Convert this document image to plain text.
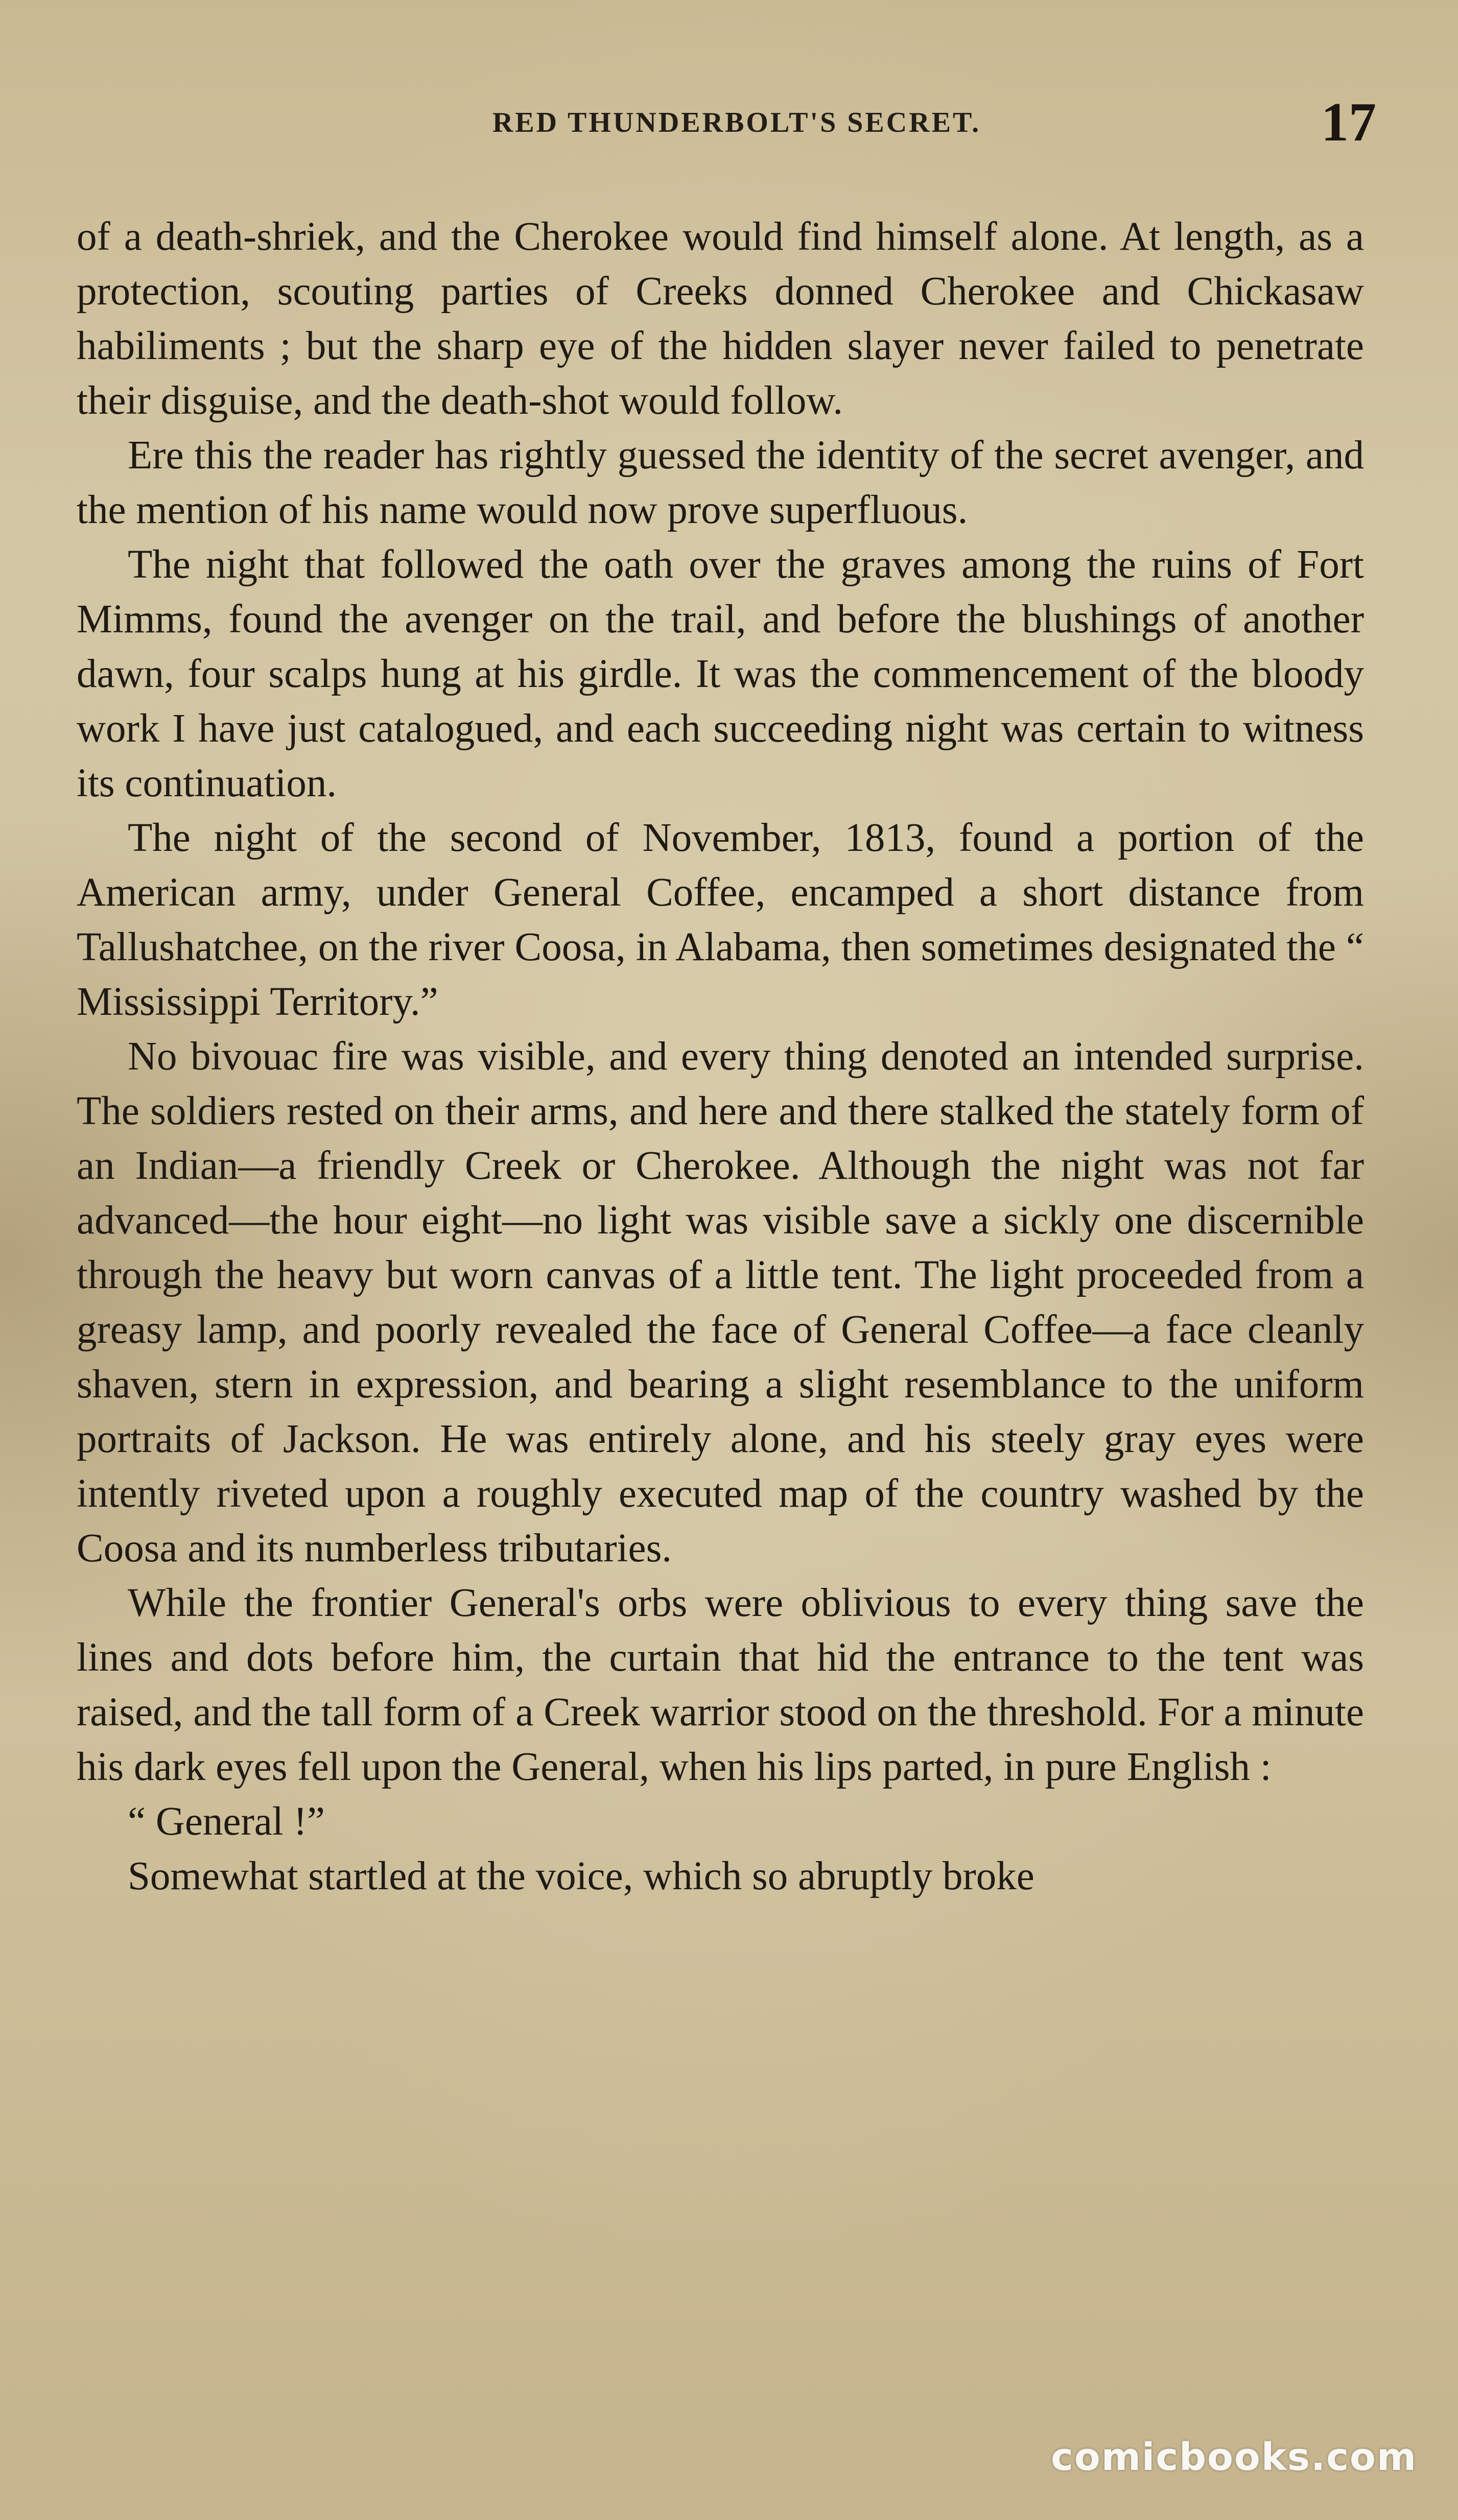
RED THUNDERBOLT'S SECRET.	17

of a death-shriek, and the Cherokee would find himself alone. At length, as a protection, scouting parties of Creeks donned Cherokee and Chickasaw habiliments ; but the sharp eye of the hidden slayer never failed to penetrate their disguise, and the death-shot would follow.

Ere this the reader has rightly guessed the identity of the secret avenger, and the mention of his name would now prove superfluous.

The night that followed the oath over the graves among the ruins of Fort Mimms, found the avenger on the trail, and before the blushings of another dawn, four scalps hung at his girdle. It was the commencement of the bloody work I have just catalogued, and each succeeding night was certain to witness its continuation.

The night of the second of November, 1813, found a portion of the American army, under General Coffee, encamped a short distance from Tallushatchee, on the river Coosa, in Alabama, then sometimes designated the “ Mississippi Territory.”

No bivouac fire was visible, and every thing denoted an intended surprise. The soldiers rested on their arms, and here and there stalked the stately form of an Indian—a friendly Creek or Cherokee. Although the night was not far advanced—the hour eight—no light was visible save a sickly one discernible through the heavy but worn canvas of a little tent. The light proceeded from a greasy lamp, and poorly revealed the face of General Coffee—a face cleanly shaven, stern in expression, and bearing a slight resemblance to the uniform portraits of Jackson. He was entirely alone, and his steely gray eyes were intently riveted upon a roughly executed map of the country washed by the Coosa and its numberless tributaries.

While the frontier General's orbs were oblivious to every thing save the lines and dots before him, the curtain that hid the entrance to the tent was raised, and the tall form of a Creek warrior stood on the threshold. For a minute his dark eyes fell upon the General, when his lips parted, in pure English :

“ General !”

Somewhat startled at the voice, which so abruptly broke

comicbooks.com
